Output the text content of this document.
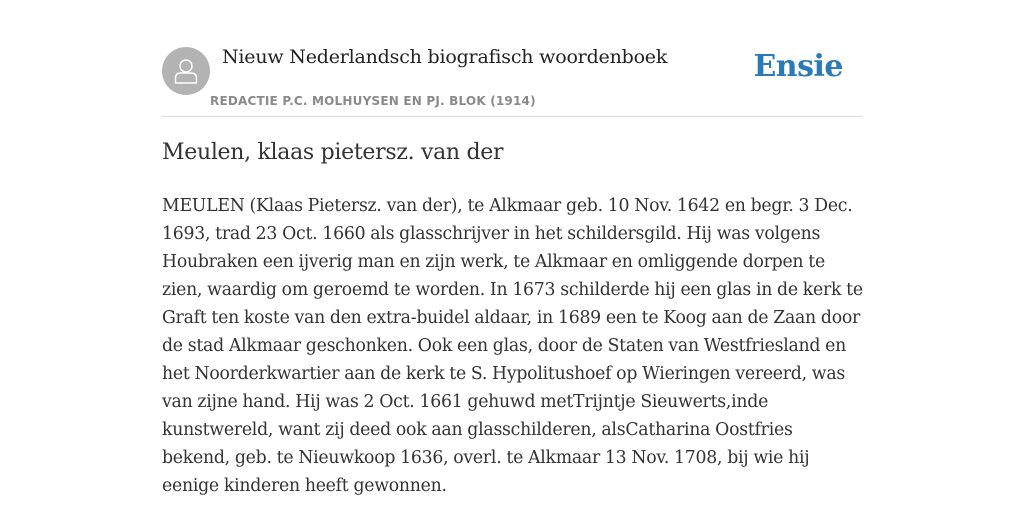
Nieuw Nederlandsch biografisch woordenboek
REDACTIE P.C. MOLHUYSEN EN PJ. BLOK (1914)
Ensie
Meulen, klaas pietersz. van der

MEULEN (Klaas Pietersz. van der), te Alkmaar geb. 10 Nov. 1642 en begr. 3 Dec. 1693, trad 23 Oct. 1660 als glasschrijver in het schildersgild. Hij was volgens Houbraken een ijverig man en zijn werk, te Alkmaar en omliggende dorpen te zien, waardig om geroemd te worden. In 1673 schilderde hij een glas in de kerk te Graft ten koste van den extra-buidel aldaar, in 1689 een te Koog aan de Zaan door de stad Alkmaar geschonken. Ook een glas, door de Staten van Westfriesland en het Noorderkwartier aan de kerk te S. Hypolitushoef op Wieringen vereerd, was van zijne hand. Hij was 2 Oct. 1661 gehuwd metTrijntje Sieuwerts,inde kunstwereld, want zij deed ook aan glasschilderen, alsCatharina Oostfries bekend, geb. te Nieuwkoop 1636, overl. te Alkmaar 13 Nov. 1708, bij wie hij eenige kinderen heeft gewonnen.
